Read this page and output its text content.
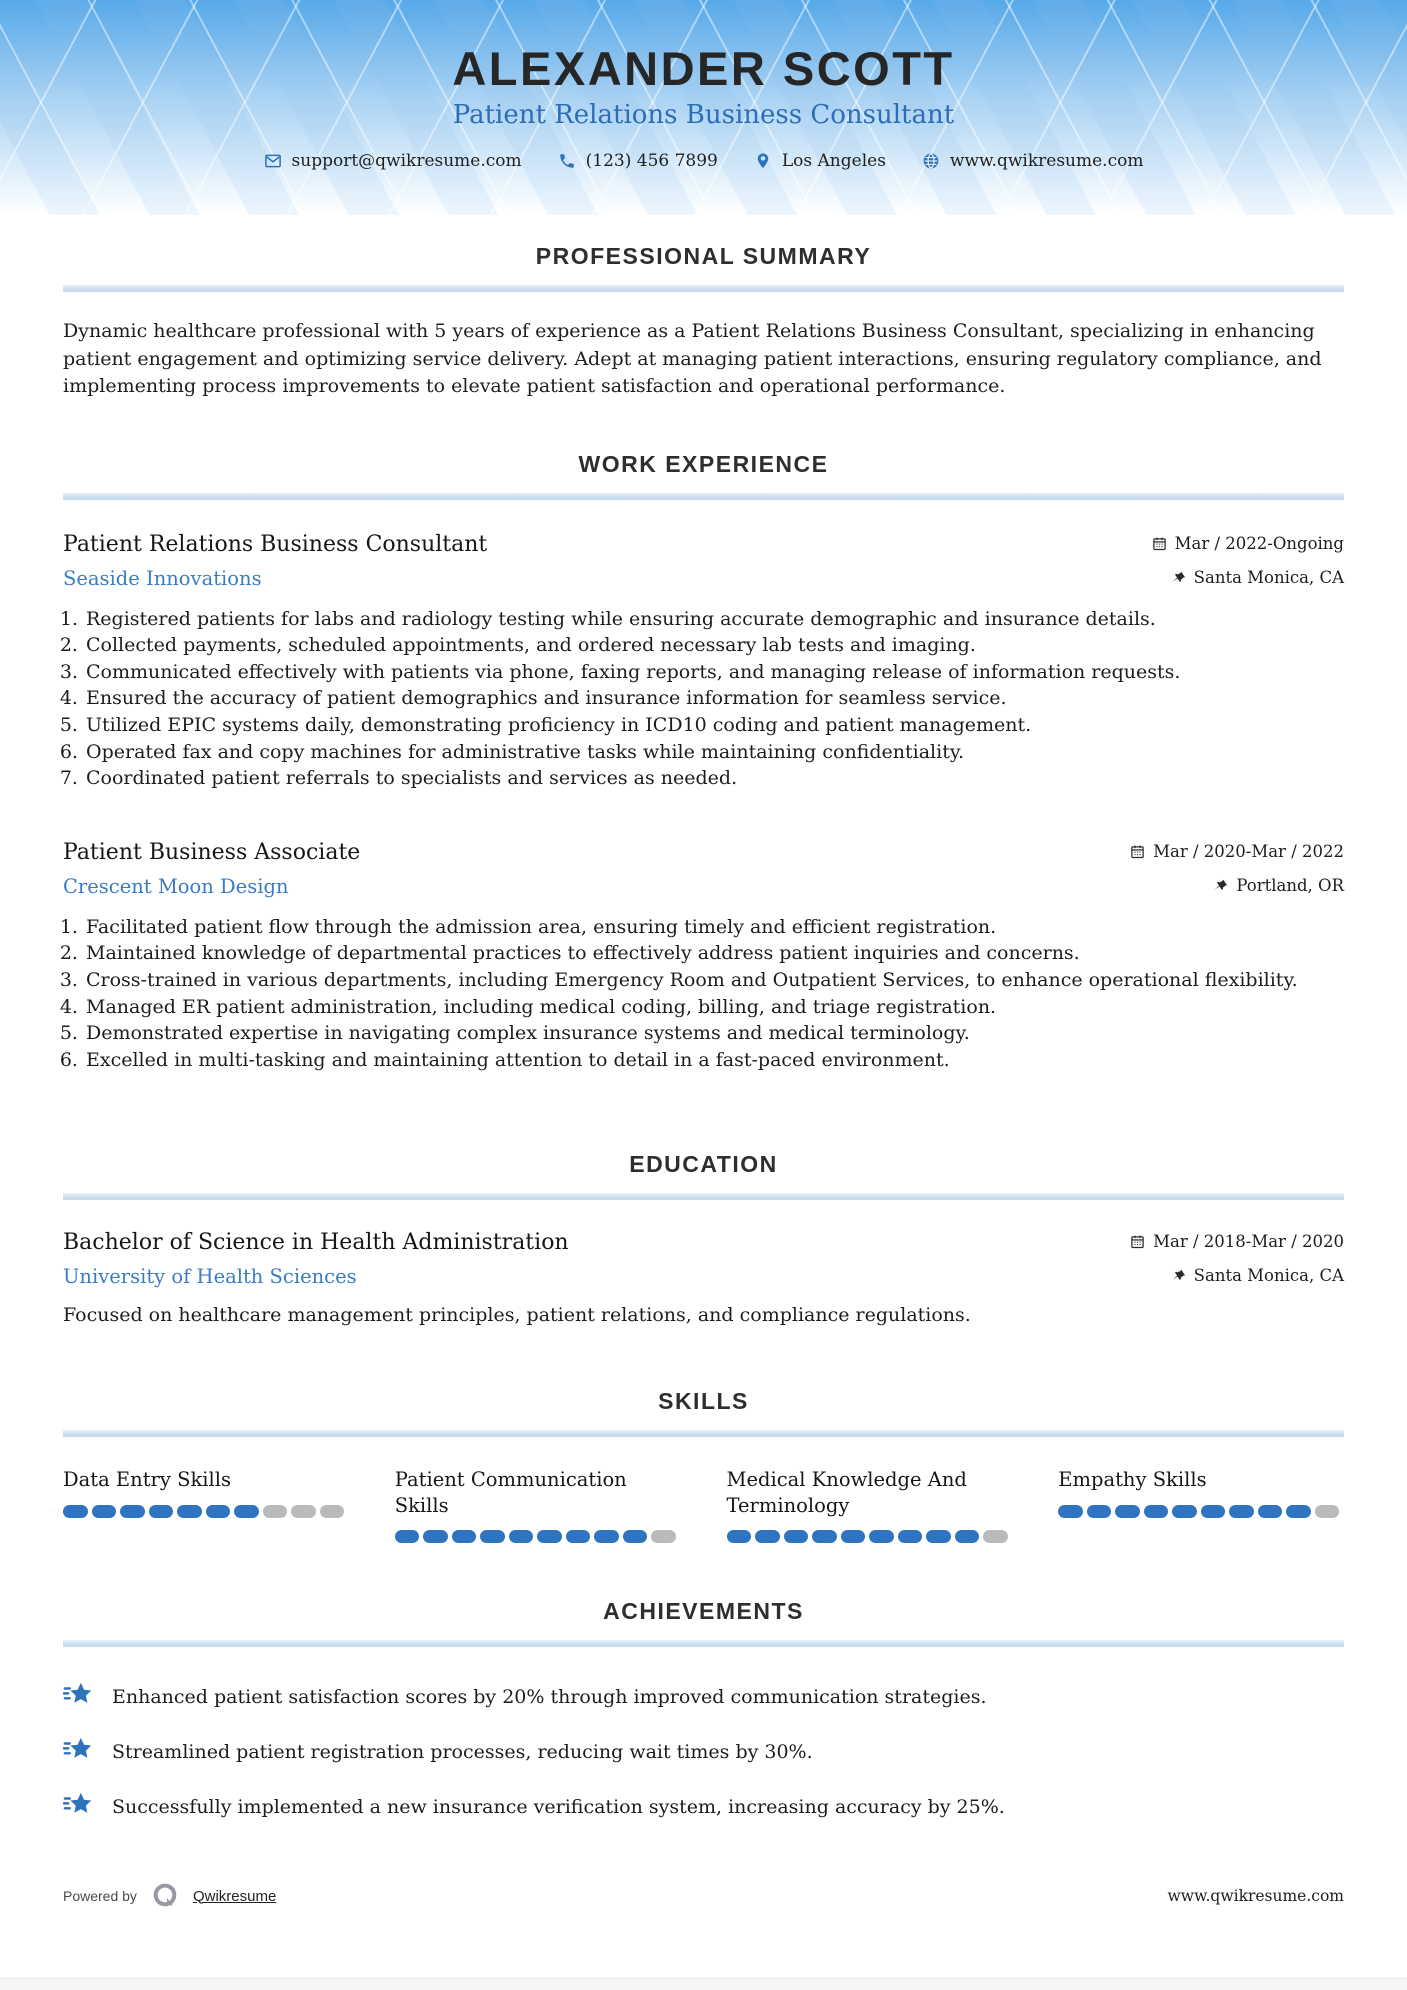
ALEXANDER SCOTT
Patient Relations Business Consultant
support@qwikresume.com	(123) 456 7899	Los Angeles	www.qwikresume.com
PROFESSIONAL SUMMARY

Dynamic healthcare professional with 5 years of experience as a Patient Relations Business Consultant, specializing in enhancing patient engagement and optimizing service delivery. Adept at managing patient interactions, ensuring regulatory compliance, and implementing process improvements to elevate patient satisfaction and operational performance.

WORK EXPERIENCE
Patient Relations Business Consultant	Mar / 2022-Ongoing
Seaside Innovations	Santa Monica, CA
1. Registered patients for labs and radiology testing while ensuring accurate demographic and insurance details.
2. Collected payments, scheduled appointments, and ordered necessary lab tests and imaging.
3. Communicated effectively with patients via phone, faxing reports, and managing release of information requests.
4. Ensured the accuracy of patient demographics and insurance information for seamless service.
5. Utilized EPIC systems daily, demonstrating proficiency in ICD10 coding and patient management.
6. Operated fax and copy machines for administrative tasks while maintaining confidentiality.
7. Coordinated patient referrals to specialists and services as needed.
Patient Business Associate	Mar / 2020-Mar / 2022
Crescent Moon Design	Portland, OR
1. Facilitated patient flow through the admission area, ensuring timely and efficient registration.
2. Maintained knowledge of departmental practices to effectively address patient inquiries and concerns.
3. Cross-trained in various departments, including Emergency Room and Outpatient Services, to enhance operational flexibility.
4. Managed ER patient administration, including medical coding, billing, and triage registration.
5. Demonstrated expertise in navigating complex insurance systems and medical terminology.
6. Excelled in multi-tasking and maintaining attention to detail in a fast-paced environment.
EDUCATION
Bachelor of Science in Health Administration	Mar / 2018-Mar / 2020
University of Health Sciences	Santa Monica, CA
Focused on healthcare management principles, patient relations, and compliance regulations.
SKILLS
Data Entry Skills	Patient Communication Skills
Medical Knowledge And Terminology
Empathy Skills
ACHIEVEMENTS
Enhanced patient satisfaction scores by 20% through improved communication strategies.
Streamlined patient registration processes, reducing wait times by 30%.
Successfully implemented a new insurance verification system, increasing accuracy by 25%.
Powered by	Qwikresume	www.qwikresume.com
